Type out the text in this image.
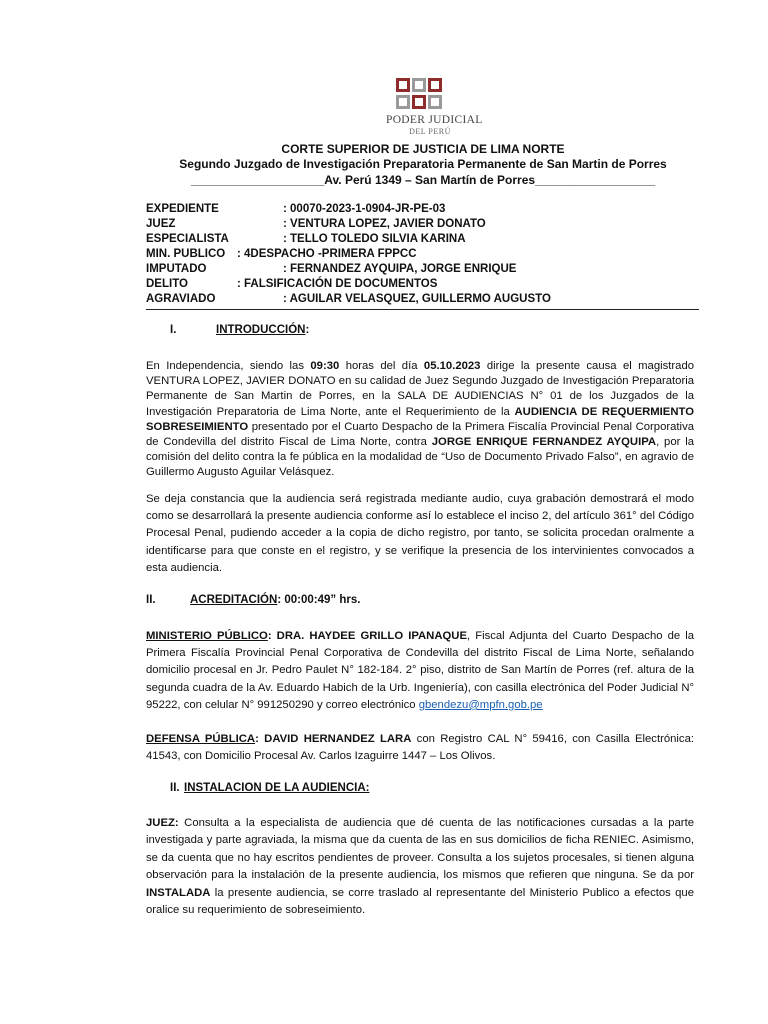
PODER JUDICIAL
DEL PERÚ
CORTE SUPERIOR DE JUSTICIA DE LIMA NORTE
Segundo Juzgado de Investigación Preparatoria Permanente de San Martin de Porres
____________________Av. Perú 1349 – San Martín de Porres__________________
EXPEDIENTE	: 00070-2023-1-0904-JR-PE-03
JUEZ	: VENTURA LOPEZ, JAVIER DONATO
ESPECIALISTA	: TELLO TOLEDO SILVIA KARINA
MIN. PUBLICO : 4DESPACHO -PRIMERA FPPCC
IMPUTADO	: FERNANDEZ AYQUIPA, JORGE ENRIQUE
DELITO	: FALSIFICACIÓN DE DOCUMENTOS
AGRAVIADO	: AGUILAR VELASQUEZ, GUILLERMO AUGUSTO
I.	INTRODUCCIÓN:
En Independencia, siendo las 09:30 horas del día 05.10.2023 dirige la presente causa el magistrado VENTURA LOPEZ, JAVIER DONATO en su calidad de Juez Segundo Juzgado de Investigación Preparatoria Permanente de San Martin de Porres, en la SALA DE AUDIENCIAS N° 01 de los Juzgados de la Investigación Preparatoria de Lima Norte, ante el Requerimiento de la AUDIENCIA DE REQUERMIENTO SOBRESEIMIENTO presentado por el Cuarto Despacho de la Primera Fiscalía Provincial Penal Corporativa de Condevilla del distrito Fiscal de Lima Norte, contra JORGE ENRIQUE FERNANDEZ AYQUIPA, por la comisión del delito contra la fe pública en la modalidad de “Uso de Documento Privado Falso”, en agravio de Guillermo Augusto Aguilar Velásquez.
Se deja constancia que la audiencia será registrada mediante audio, cuya grabación demostrará el modo como se desarrollará la presente audiencia conforme así lo establece el inciso 2, del artículo 361° del Código Procesal Penal, pudiendo acceder a la copia de dicho registro, por tanto, se solicita procedan oralmente a identificarse para que conste en el registro, y se verifique la presencia de los intervinientes convocados a esta audiencia.
II.	ACREDITACIÓN: 00:00:49” hrs.
MINISTERIO PÚBLICO: DRA. HAYDEE GRILLO IPANAQUE, Fiscal Adjunta del Cuarto Despacho de la Primera Fiscalía Provincial Penal Corporativa de Condevilla del distrito Fiscal de Lima Norte, señalando domicilio procesal en Jr. Pedro Paulet N° 182-184. 2° piso, distrito de San Martín de Porres (ref. altura de la segunda cuadra de la Av. Eduardo Habich de la Urb. Ingeniería), con casilla electrónica del Poder Judicial N° 95222, con celular N° 991250290 y correo electrónico gbendezu@mpfn.gob.pe
DEFENSA PÚBLICA: DAVID HERNANDEZ LARA con Registro CAL N° 59416, con Casilla Electrónica: 41543, con Domicilio Procesal Av. Carlos Izaguirre 1447 – Los Olivos.
II. INSTALACION DE LA AUDIENCIA:
JUEZ: Consulta a la especialista de audiencia que dé cuenta de las notificaciones cursadas a la parte investigada y parte agraviada, la misma que da cuenta de las en sus domicilios de ficha RENIEC. Asimismo, se da cuenta que no hay escritos pendientes de proveer. Consulta a los sujetos procesales, si tienen alguna observación para la instalación de la presente audiencia, los mismos que refieren que ninguna. Se da por INSTALADA la presente audiencia, se corre traslado al representante del Ministerio Publico a efectos que oralice su requerimiento de sobreseimiento.
